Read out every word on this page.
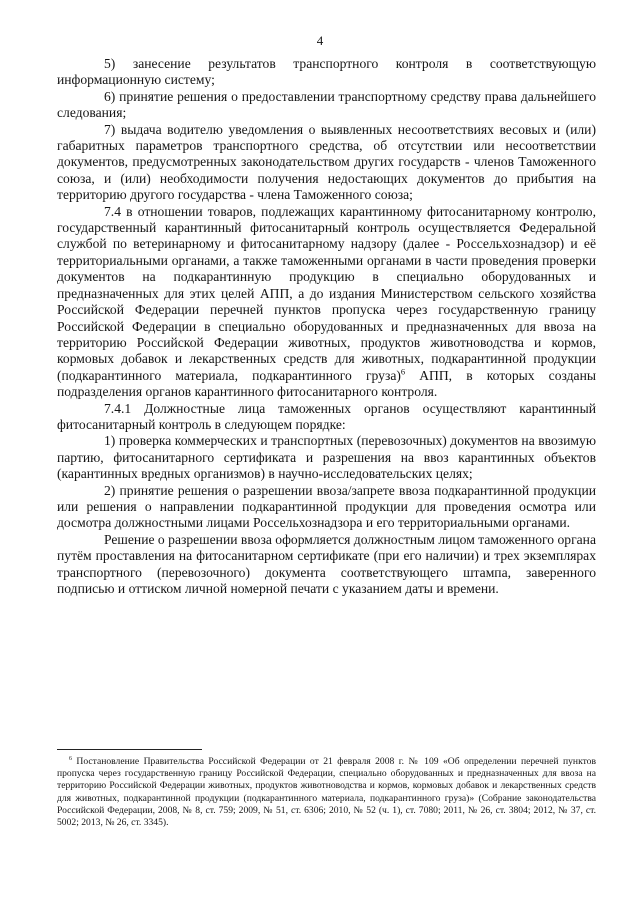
4

5) занесение результатов транспортного контроля в соответствующую информационную систему;

6) принятие решения о предоставлении транспортному средству права дальнейшего следования;

7) выдача водителю уведомления о выявленных несоответствиях весовых и (или) габаритных параметров транспортного средства, об отсутствии или несоответствии документов, предусмотренных законодательством других государств - членов Таможенного союза, и (или) необходимости получения недостающих документов до прибытия на территорию другого государства - члена Таможенного союза;

7.4 в отношении товаров, подлежащих карантинному фитосанитарному контролю, государственный карантинный фитосанитарный контроль осуществляется Федеральной службой по ветеринарному и фитосанитарному надзору (далее - Россельхознадзор) и её территориальными органами, а также таможенными органами в части проведения проверки документов на подкарантинную продукцию в специально оборудованных и предназначенных для этих целей АПП, а до издания Министерством сельского хозяйства Российской Федерации перечней пунктов пропуска через государственную границу Российской Федерации в специально оборудованных и предназначенных для ввоза на территорию Российской Федерации животных, продуктов животноводства и кормов, кормовых добавок и лекарственных средств для животных, подкарантинной продукции (подкарантинного материала, подкарантинного груза)$^6$ АПП, в которых созданы подразделения органов карантинного фитосанитарного контроля.

7.4.1 Должностные лица таможенных органов осуществляют карантинный фитосанитарный контроль в следующем порядке:

1) проверка коммерческих и транспортных (перевозочных) документов на ввозимую партию, фитосанитарного сертификата и разрешения на ввоз карантинных объектов (карантинных вредных организмов) в научно-исследовательских целях;

2) принятие решения о разрешении ввоза/запрете ввоза подкарантинной продукции или решения о направлении подкарантинной продукции для проведения осмотра или досмотра должностными лицами Россельхознадзора и его территориальными органами.

Решение о разрешении ввоза оформляется должностным лицом таможенного органа путём проставления на фитосанитарном сертификате (при его наличии) и трех экземплярах транспортного (перевозочного) документа соответствующего штампа, заверенного подписью и оттиском личной номерной печати с указанием даты и времени.

$^6$ Постановление Правительства Российской Федерации от 21 февраля 2008 г. № 109 «Об определении перечней пунктов пропуска через государственную границу Российской Федерации, специально оборудованных и предназначенных для ввоза на территорию Российской Федерации животных, продуктов животноводства и кормов, кормовых добавок и лекарственных средств для животных, подкарантинной продукции (подкарантинного материала, подкарантинного груза)» (Собрание законодательства Российской Федерации, 2008, № 8, ст. 759; 2009, № 51, ст. 6306; 2010, № 52 (ч. 1), ст. 7080; 2011, № 26, ст. 3804; 2012, № 37, ст. 5002; 2013, № 26, ст. 3345).
